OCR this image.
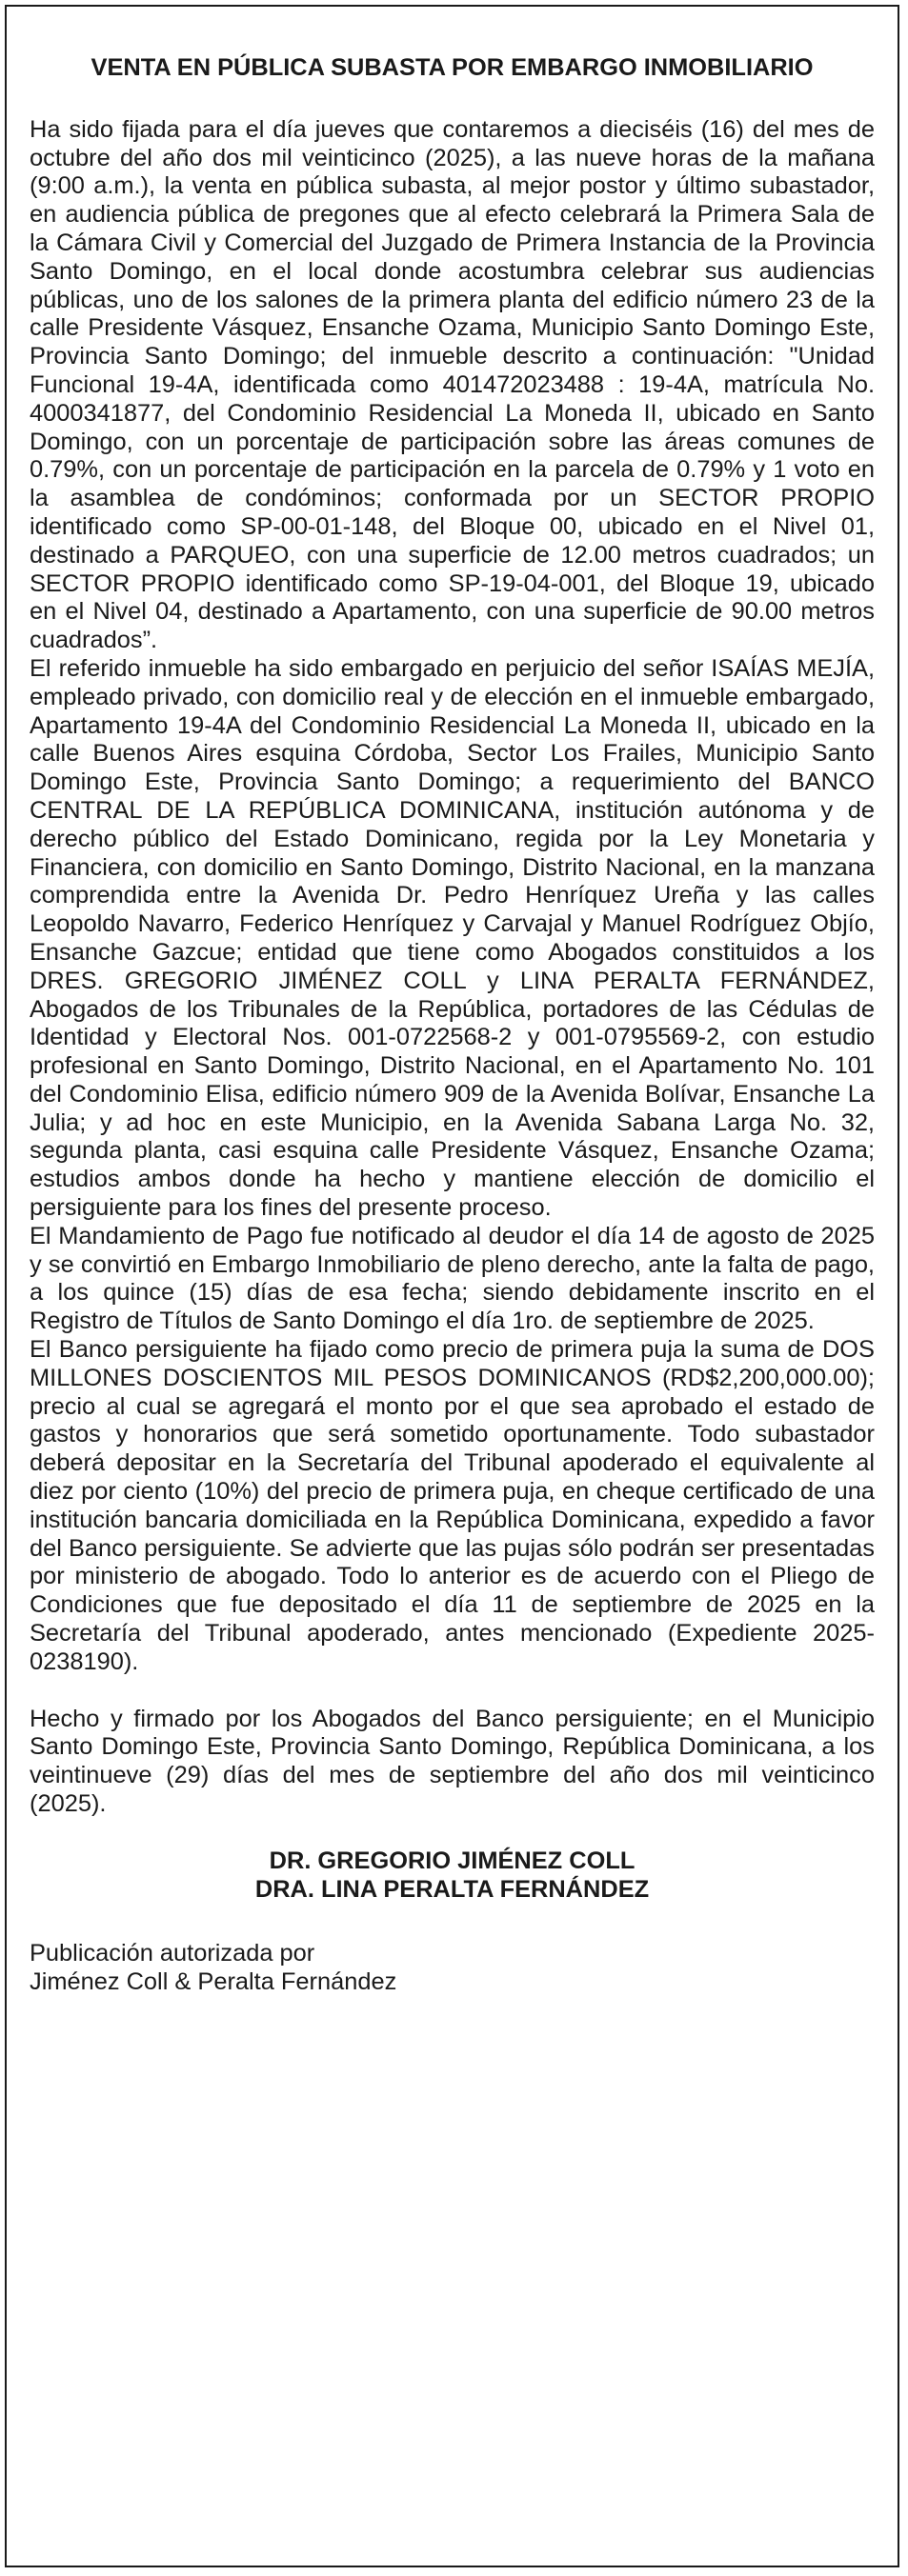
VENTA EN PÚBLICA SUBASTA POR EMBARGO INMOBILIARIO

Ha sido fijada para el día jueves que contaremos a dieciséis (16) del mes de octubre del año dos mil veinticinco (2025), a las nueve horas de la mañana (9:00 a.m.), la venta en pública subasta, al mejor postor y último subastador, en audiencia pública de pregones que al efecto celebrará la Primera Sala de la Cámara Civil y Comercial del Juzgado de Primera Instancia de la Provincia Santo Domingo, en el local donde acostumbra celebrar sus audiencias públicas, uno de los salones de la primera planta del edificio número 23 de la calle Presidente Vásquez, Ensanche Ozama, Municipio Santo Domingo Este, Provincia Santo Domingo; del inmueble descrito a continuación: "Unidad Funcional 19-4A, identificada como 401472023488 : 19-4A, matrícula No. 4000341877, del Condominio Residencial La Moneda II, ubicado en Santo Domingo, con un porcentaje de participación sobre las áreas comunes de 0.79%, con un porcentaje de participación en la parcela de 0.79% y 1 voto en la asamblea de condóminos; conformada por un SECTOR PROPIO identificado como SP-00-01-148, del Bloque 00, ubicado en el Nivel 01, destinado a PARQUEO, con una superficie de 12.00 metros cuadrados; un SECTOR PROPIO identificado como SP-19-04-001, del Bloque 19, ubicado en el Nivel 04, destinado a Apartamento, con una superficie de 90.00 metros cuadrados”.

El referido inmueble ha sido embargado en perjuicio del señor ISAÍAS MEJÍA, empleado privado, con domicilio real y de elección en el inmueble embargado, Apartamento 19-4A del Condominio Residencial La Moneda II, ubicado en la calle Buenos Aires esquina Córdoba, Sector Los Frailes, Municipio Santo Domingo Este, Provincia Santo Domingo; a requerimiento del BANCO CENTRAL DE LA REPÚBLICA DOMINICANA, institución autónoma y de derecho público del Estado Dominicano, regida por la Ley Monetaria y Financiera, con domicilio en Santo Domingo, Distrito Nacional, en la manzana comprendida entre la Avenida Dr. Pedro Henríquez Ureña y las calles Leopoldo Navarro, Federico Henríquez y Carvajal y Manuel Rodríguez Objío, Ensanche Gazcue; entidad que tiene como Abogados constituidos a los DRES. GREGORIO JIMÉNEZ COLL y LINA PERALTA FERNÁNDEZ, Abogados de los Tribunales de la República, portadores de las Cédulas de Identidad y Electoral Nos. 001-0722568-2 y 001-0795569-2, con estudio profesional en Santo Domingo, Distrito Nacional, en el Apartamento No. 101 del Condominio Elisa, edificio número 909 de la Avenida Bolívar, Ensanche La Julia; y ad hoc en este Municipio, en la Avenida Sabana Larga No. 32, segunda planta, casi esquina calle Presidente Vásquez, Ensanche Ozama; estudios ambos donde ha hecho y mantiene elección de domicilio el persiguiente para los fines del presente proceso.

El Mandamiento de Pago fue notificado al deudor el día 14 de agosto de 2025 y se convirtió en Embargo Inmobiliario de pleno derecho, ante la falta de pago, a los quince (15) días de esa fecha; siendo debidamente inscrito en el Registro de Títulos de Santo Domingo el día 1ro. de septiembre de 2025.

El Banco persiguiente ha fijado como precio de primera puja la suma de DOS MILLONES DOSCIENTOS MIL PESOS DOMINICANOS (RD$2,200,000.00); precio al cual se agregará el monto por el que sea aprobado el estado de gastos y honorarios que será sometido oportunamente. Todo subastador deberá depositar en la Secretaría del Tribunal apoderado el equivalente al diez por ciento (10%) del precio de primera puja, en cheque certificado de una institución bancaria domiciliada en la República Dominicana, expedido a favor del Banco persiguiente. Se advierte que las pujas sólo podrán ser presentadas por ministerio de abogado. Todo lo anterior es de acuerdo con el Pliego de Condiciones que fue depositado el día 11 de septiembre de 2025 en la Secretaría del Tribunal apoderado, antes mencionado (Expediente 2025-0238190).

Hecho y firmado por los Abogados del Banco persiguiente; en el Municipio Santo Domingo Este, Provincia Santo Domingo, República Dominicana, a los veintinueve (29) días del mes de septiembre del año dos mil veinticinco (2025).

DR. GREGORIO JIMÉNEZ COLL
DRA. LINA PERALTA FERNÁNDEZ
Publicación autorizada por
Jiménez Coll & Peralta Fernández
